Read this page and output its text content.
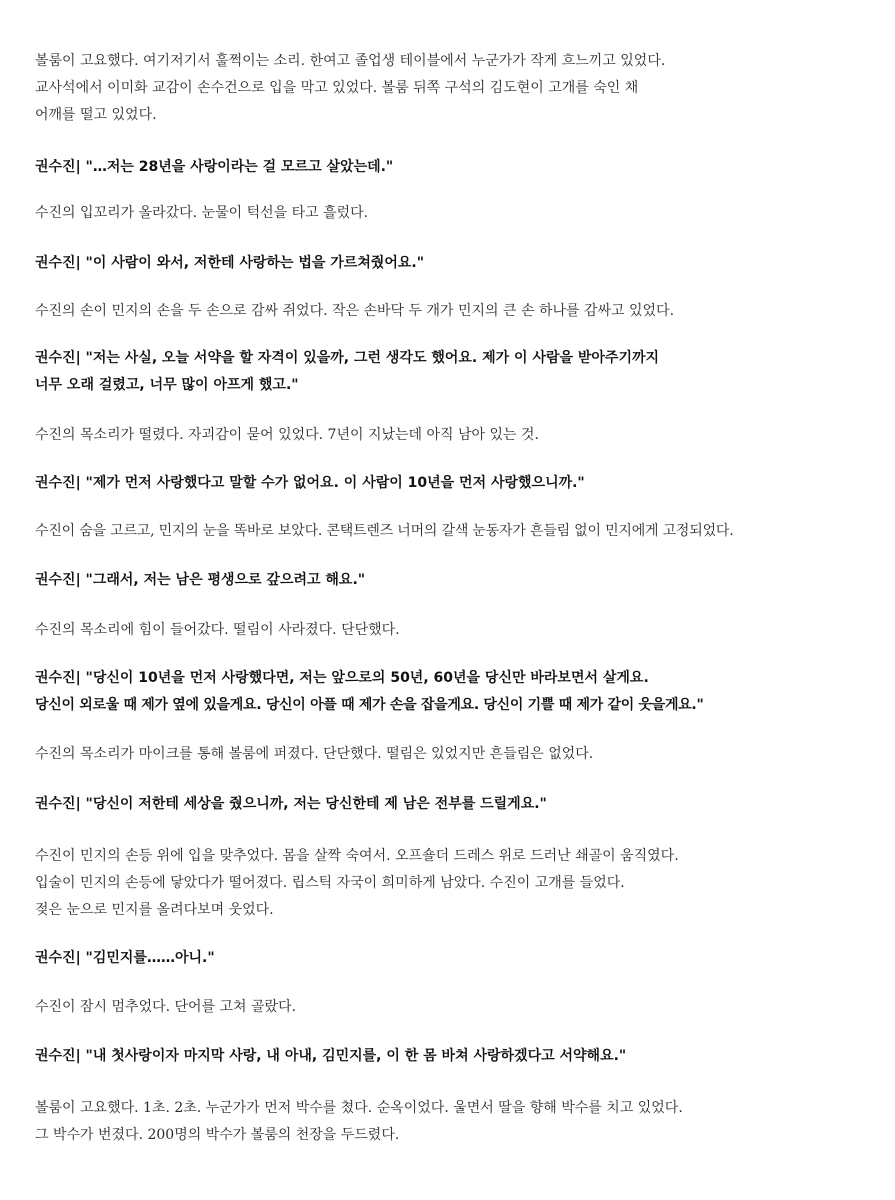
볼룸이 고요했다. 여기저기서 훌쩍이는 소리. 한여고 졸업생 테이블에서 누군가가 작게 흐느끼고 있었다.
교사석에서 이미화 교감이 손수건으로 입을 막고 있었다. 볼룸 뒤쪽 구석의 김도현이 고개를 숙인 채
어깨를 떨고 있었다.
권수진| "…저는 28년을 사랑이라는 걸 모르고 살았는데."
수진의 입꼬리가 올라갔다. 눈물이 턱선을 타고 흘렀다.
권수진| "이 사람이 와서, 저한테 사랑하는 법을 가르쳐줬어요."
수진의 손이 민지의 손을 두 손으로 감싸 쥐었다. 작은 손바닥 두 개가 민지의 큰 손 하나를 감싸고 있었다.
권수진| "저는 사실, 오늘 서약을 할 자격이 있을까, 그런 생각도 했어요. 제가 이 사람을 받아주기까지
너무 오래 걸렸고, 너무 많이 아프게 했고."
수진의 목소리가 떨렸다. 자괴감이 묻어 있었다. 7년이 지났는데 아직 남아 있는 것.
권수진| "제가 먼저 사랑했다고 말할 수가 없어요. 이 사람이 10년을 먼저 사랑했으니까."
수진이 숨을 고르고, 민지의 눈을 똑바로 보았다. 콘택트렌즈 너머의 갈색 눈동자가 흔들림 없이 민지에게 고정되었다.
권수진| "그래서, 저는 남은 평생으로 갚으려고 해요."
수진의 목소리에 힘이 들어갔다. 떨림이 사라졌다. 단단했다.
권수진| "당신이 10년을 먼저 사랑했다면, 저는 앞으로의 50년, 60년을 당신만 바라보면서 살게요.
당신이 외로울 때 제가 옆에 있을게요. 당신이 아플 때 제가 손을 잡을게요. 당신이 기쁠 때 제가 같이 웃을게요."
수진의 목소리가 마이크를 통해 볼룸에 퍼졌다. 단단했다. 떨림은 있었지만 흔들림은 없었다.
권수진| "당신이 저한테 세상을 줬으니까, 저는 당신한테 제 남은 전부를 드릴게요."
수진이 민지의 손등 위에 입을 맞추었다. 몸을 살짝 숙여서. 오프숄더 드레스 위로 드러난 쇄골이 움직였다.
입술이 민지의 손등에 닿았다가 떨어졌다. 립스틱 자국이 희미하게 남았다. 수진이 고개를 들었다.
젖은 눈으로 민지를 올려다보며 웃었다.
권수진| "김민지를……아니."
수진이 잠시 멈추었다. 단어를 고쳐 골랐다.
권수진| "내 첫사랑이자 마지막 사랑, 내 아내, 김민지를, 이 한 몸 바쳐 사랑하겠다고 서약해요."
볼룸이 고요했다. 1초. 2초. 누군가가 먼저 박수를 쳤다. 순옥이었다. 울면서 딸을 향해 박수를 치고 있었다.
그 박수가 번졌다. 200명의 박수가 볼룸의 천장을 두드렸다.
